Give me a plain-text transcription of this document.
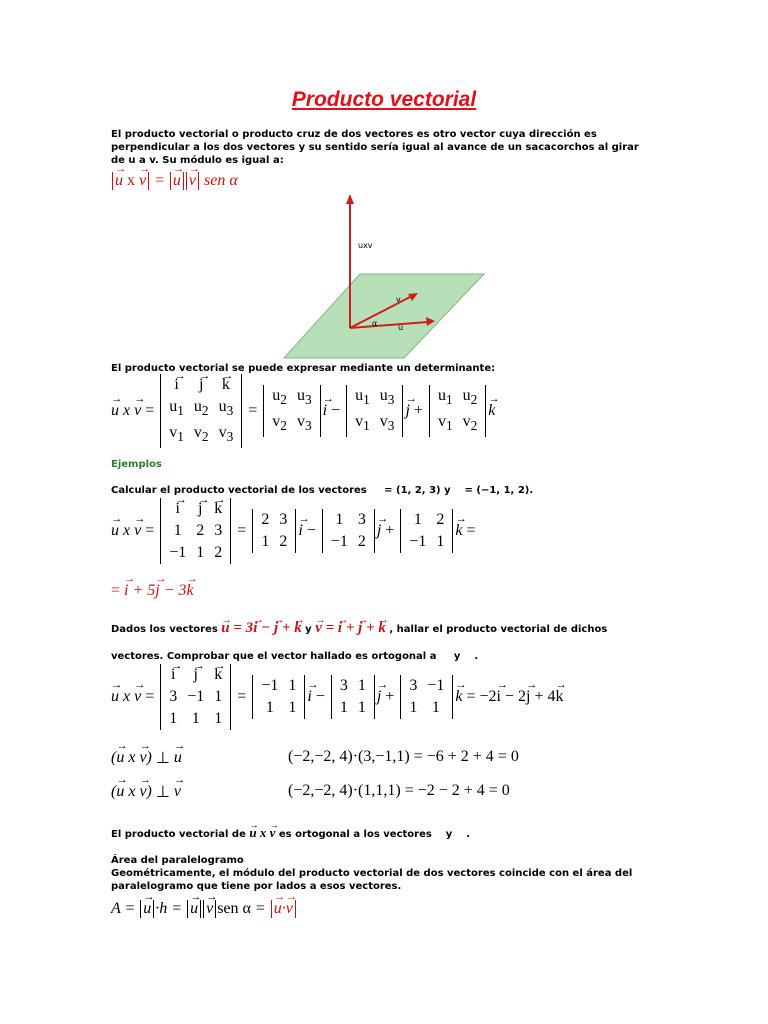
Producto vectorial
El producto vectorial o producto cruz de dos vectores es otro vector cuya dirección es perpendicular a los dos vectores y su sentido sería igual al avance de un sacacorchos al girar de u a v. Su módulo es igual a:
→ u x → v = → u → v sen α
uxv
v
u
α
El producto vectorial se puede expresar mediante un determinante:
→ u x → v =
→ i	→ j	→ k
$u_1$	$u_2$	$u_3$
$v_1$	$v_2$	$v_3$
=
$u_2$	$u_3$
$v_2$	$v_3$
→ i −
$u_1$	$u_3$
$v_1$	$v_3$
→ j +
$u_1$	$u_2$
$v_1$	$v_2$
→ k
Ejemplos
Calcular el producto vectorial de los vectores = (1, 2, 3) y = (−1, 1, 2).
→ u x → v =
→ i	→ j	→ k
1	2	3
−1	1	2
=
2	3
1	2
→ i −
1	3
−1	2
→ j +
1	2
−1	1
→ k =
= → i + 5→ j − 3→ k
Dados los vectores → u = 3→ i − → j + → k y → v = → i + → j + → k , hallar el producto vectorial de dichos
vectores. Comprobar que el vector hallado es ortogonal a y    .
→ u x → v =
→ i	→ j	→ k
3	−1	1
1	1	1
=
−1	1
1	1
→ i −
3	1
1	1
→ j +
3	−1
1	1
→ k = −2→ i − 2→ j + 4→ k
( → u x → v ) ⊥ → u	(−2,−2, 4)·(3,−1,1) = −6 + 2 + 4 = 0
( → u x → v ) ⊥ → v	(−2,−2, 4)·(1,1,1) = −2 − 2 + 4 = 0
El producto vectorial de → u x → v es ortogonal a los vectores y    .
Área del paralelogramo
Geométricamente, el módulo del producto vectorial de dos vectores coincide con el área del paralelogramo que tiene por lados a esos vectores.
A = → u ·h = → u → v sen α = → u·→ v
